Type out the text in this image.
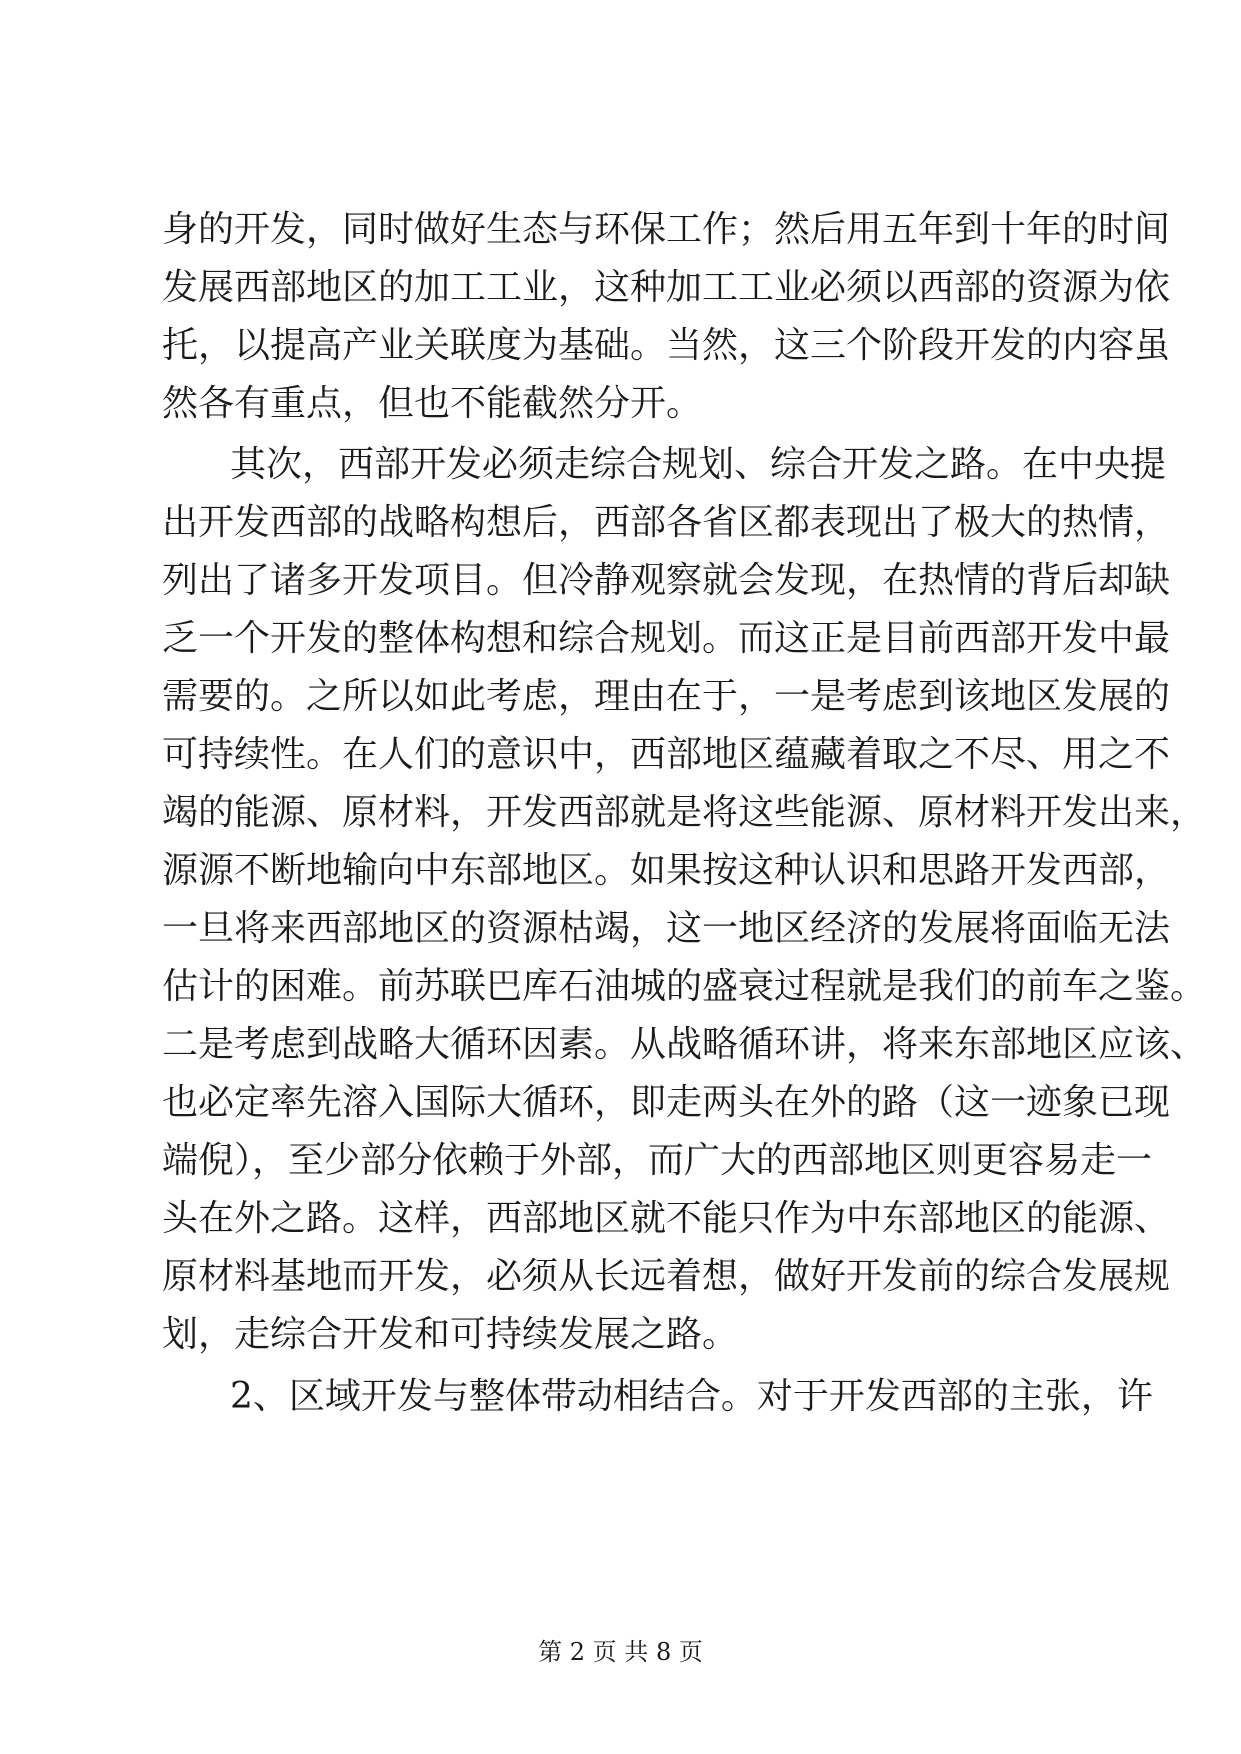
身的开发，同时做好生态与环保工作；然后用五年到十年的时间
发展西部地区的加工工业，这种加工工业必须以西部的资源为依
托，以提高产业关联度为基础。当然，这三个阶段开发的内容虽
然各有重点，但也不能截然分开。
其次，西部开发必须走综合规划、综合开发之路。在中央提
出开发西部的战略构想后，西部各省区都表现出了极大的热情，
列出了诸多开发项目。但冷静观察就会发现，在热情的背后却缺
乏一个开发的整体构想和综合规划。而这正是目前西部开发中最
需要的。之所以如此考虑，理由在于，一是考虑到该地区发展的
可持续性。在人们的意识中，西部地区蕴藏着取之不尽、用之不
竭的能源、原材料，开发西部就是将这些能源、原材料开发出来，
源源不断地输向中东部地区。如果按这种认识和思路开发西部，
一旦将来西部地区的资源枯竭，这一地区经济的发展将面临无法
估计的困难。前苏联巴库石油城的盛衰过程就是我们的前车之鉴。
二是考虑到战略大循环因素。从战略循环讲，将来东部地区应该、
也必定率先溶入国际大循环，即走两头在外的路（这一迹象已现
端倪），至少部分依赖于外部，而广大的西部地区则更容易走一
头在外之路。这样，西部地区就不能只作为中东部地区的能源、
原材料基地而开发，必须从长远着想，做好开发前的综合发展规
划，走综合开发和可持续发展之路。
2、区域开发与整体带动相结合。对于开发西部的主张，许
第 2 页 共 8 页
